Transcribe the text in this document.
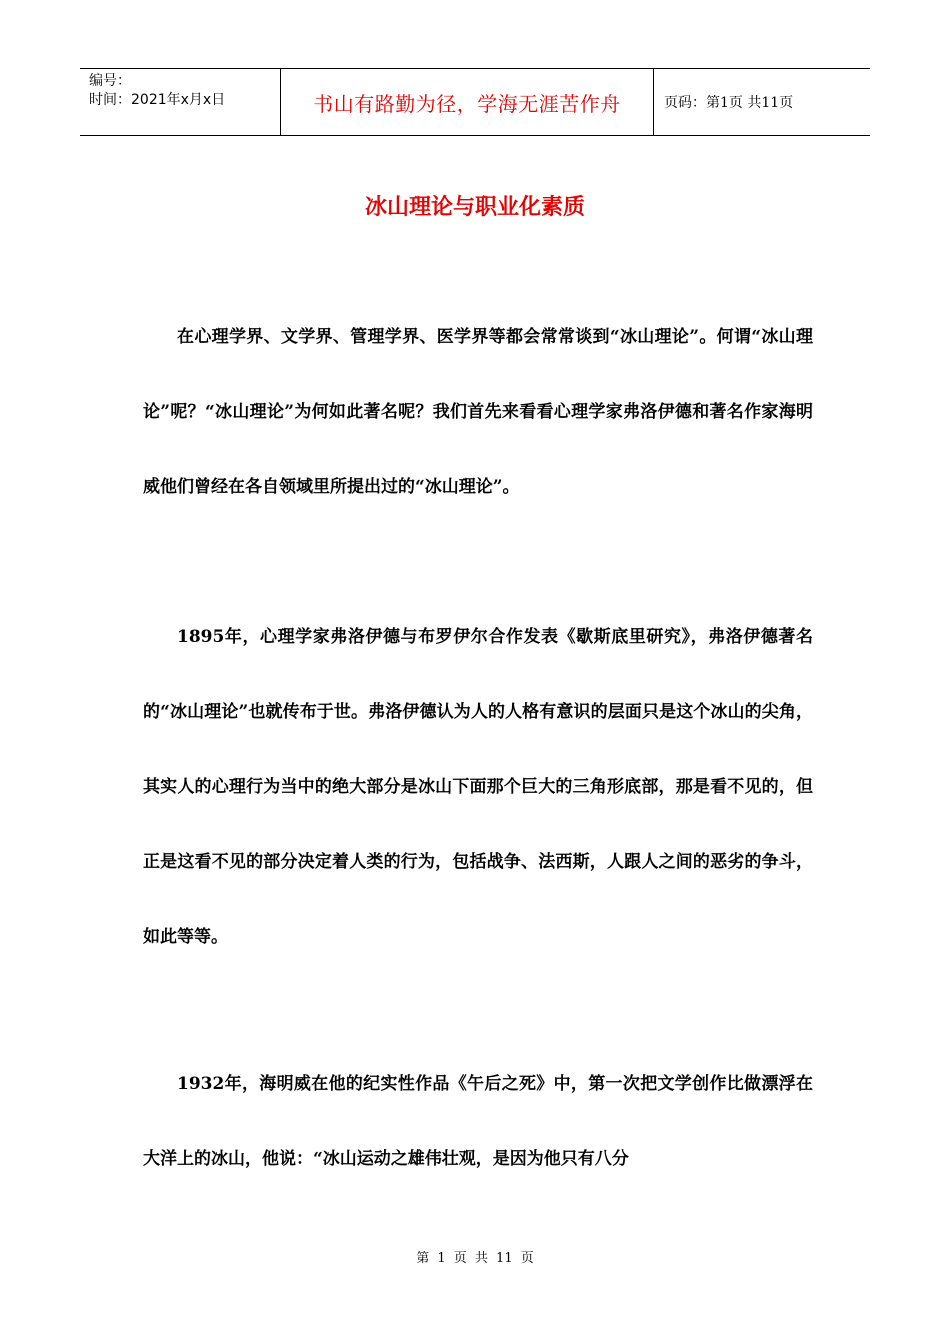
编号：
时间：2021年x月x日	书山有路勤为径，学海无涯苦作舟	页码：第1页 共11页
冰山理论与职业化素质

在心理学界、文学界、管理学界、医学界等都会常常谈到“冰山理论”。何谓“冰山理论”呢？“冰山理论”为何如此著名呢？我们首先来看看心理学家弗洛伊德和著名作家海明威他们曾经在各自领域里所提出过的“冰山理论”。

1895年，心理学家弗洛伊德与布罗伊尔合作发表《歇斯底里研究》，弗洛伊德著名的“冰山理论”也就传布于世。弗洛伊德认为人的人格有意识的层面只是这个冰山的尖角，其实人的心理行为当中的绝大部分是冰山下面那个巨大的三角形底部，那是看不见的，但正是这看不见的部分决定着人类的行为，包括战争、法西斯，人跟人之间的恶劣的争斗，如此等等。

1932年，海明威在他的纪实性作品《午后之死》中，第一次把文学创作比做漂浮在大洋上的冰山，他说：“冰山运动之雄伟壮观，是因为他只有八分

第 1 页 共 11 页
